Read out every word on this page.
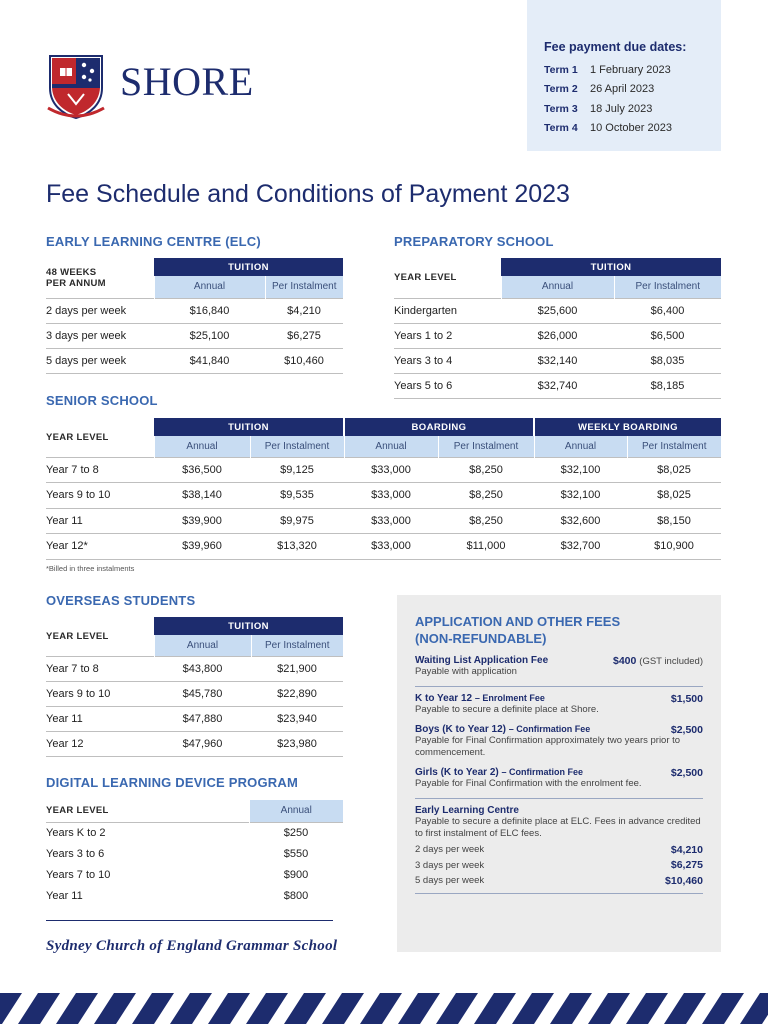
SHORE
Fee payment due dates:
Term 1	1 February 2023
Term 2	26 April 2023
Term 3	18 July 2023
Term 4	10 October 2023
Fee Schedule and Conditions of Payment 2023
EARLY LEARNING CENTRE (ELC)
48 WEEKS
PER ANNUM	TUITION	
	Annual	Per Instalment
2 days per week	$16,840	$4,210
3 days per week	$25,100	$6,275
5 days per week	$41,840	$10,460
PREPARATORY SCHOOL
YEAR LEVEL	TUITION	
	Annual	Per Instalment
Kindergarten	$25,600	$6,400
Years 1 to 2	$26,000	$6,500
Years 3 to 4	$32,140	$8,035
Years 5 to 6	$32,740	$8,185
SENIOR SCHOOL
YEAR LEVEL	TUITION		BOARDING		WEEKLY BOARDING	
	Annual	Per Instalment	Annual	Per Instalment	Annual	Per Instalment
Year 7 to 8	$36,500	$9,125	$33,000	$8,250	$32,100	$8,025
Years 9 to 10	$38,140	$9,535	$33,000	$8,250	$32,100	$8,025
Year 11	$39,900	$9,975	$33,000	$8,250	$32,600	$8,150
Year 12*	$39,960	$13,320	$33,000	$11,000	$32,700	$10,900
*Billed in three instalments
OVERSEAS STUDENTS
YEAR LEVEL	TUITION	
	Annual	Per Instalment
Year 7 to 8	$43,800	$21,900
Years 9 to 10	$45,780	$22,890
Year 11	$47,880	$23,940
Year 12	$47,960	$23,980
DIGITAL LEARNING DEVICE PROGRAM
YEAR LEVEL	Annual
Years K to 2	$250
Years 3 to 6	$550
Years 7 to 10	$900
Year 11	$800
Sydney Church of England Grammar School
APPLICATION AND OTHER FEES
(NON-REFUNDABLE)
Waiting List Application Fee
Payable with application
$400 (GST included)
K to Year 12 – Enrolment Fee
Payable to secure a definite place at Shore.
$1,500
Boys (K to Year 12) – Confirmation Fee
Payable for Final Confirmation approximately two years prior to commencement.
$2,500
Girls (K to Year 2) – Confirmation Fee
Payable for Final Confirmation with the enrolment fee.
$2,500
Early Learning Centre
Payable to secure a definite place at ELC. Fees in advance credited to first instalment of ELC fees.
2 days per week	$4,210
3 days per week	$6,275
5 days per week	$10,460
